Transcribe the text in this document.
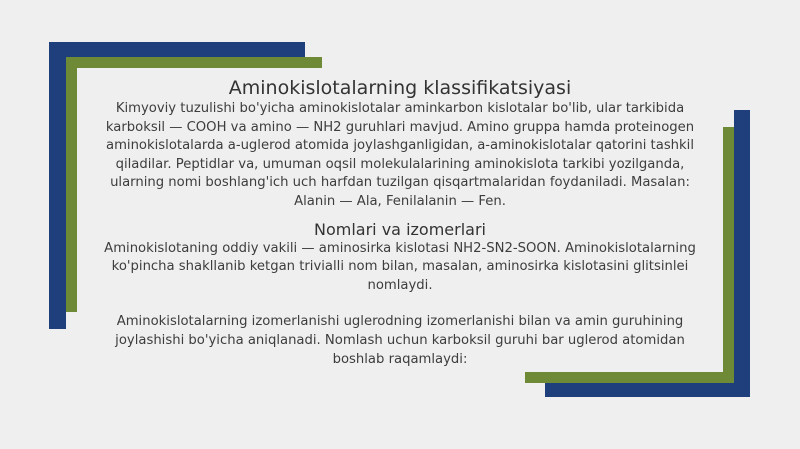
Aminokislotalarning klassifikatsiyasi

Kimyoviy tuzulishi bo'yicha aminokislotalar aminkarbon kislotalar bo'lib, ular tarkibida karboksil — COOH va amino — NH2 guruhlari mavjud. Amino gruppa hamda proteinogen aminokislotalarda a-uglerod atomida joylashganligidan, a-aminokislotalar qatorini tashkil qiladilar. Peptidlar va, umuman oqsil molekulalarining aminokislota tarkibi yozilganda, ularning nomi boshlang'ich uch harfdan tuzilgan qisqartmalaridan foydaniladi. Masalan: Alanin — Ala, Fenilalanin — Fen.

Nomlari va izomerlari

Aminokislotaning oddiy vakili — aminosirka kislotasi NH2-SN2-SOON. Aminokislotalarning ko'pincha shakllanib ketgan trivialli nom bilan, masalan, aminosirka kislotasini glitsinlei nomlaydi.

Aminokislotalarning izomerlanishi uglerodning izomerlanishi bilan va amin guruhining joylashishi bo'yicha aniqlanadi. Nomlash uchun karboksil guruhi bar uglerod atomidan boshlab raqamlaydi:
